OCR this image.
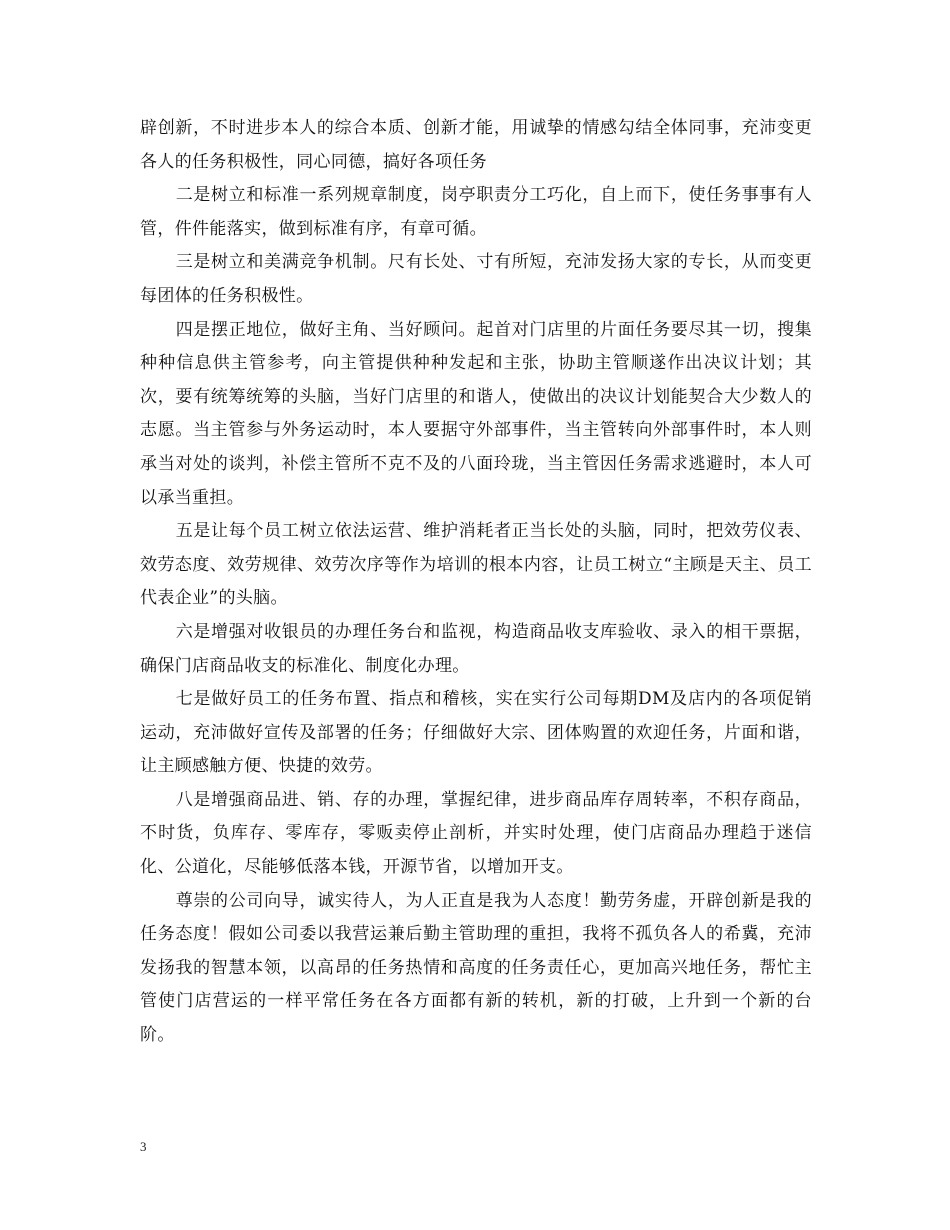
辟创新，不时进步本人的综合本质、创新才能，用诚挚的情感勾结全体同事，充沛变更各人的任务积极性，同心同德，搞好各项任务

二是树立和标准一系列规章制度，岗亭职责分工巧化，自上而下，使任务事事有人管，件件能落实，做到标准有序，有章可循。

三是树立和美满竞争机制。尺有长处、寸有所短，充沛发扬大家的专长，从而变更每团体的任务积极性。

四是摆正地位，做好主角、当好顾问。起首对门店里的片面任务要尽其一切，搜集种种信息供主管参考，向主管提供种种发起和主张，协助主管顺遂作出决议计划；其次，要有统筹统筹的头脑，当好门店里的和谐人，使做出的决议计划能契合大少数人的志愿。当主管参与外务运动时，本人要据守外部事件，当主管转向外部事件时，本人则承当对处的谈判，补偿主管所不克不及的八面玲珑，当主管因任务需求逃避时，本人可以承当重担。

五是让每个员工树立依法运营、维护消耗者正当长处的头脑，同时，把效劳仪表、效劳态度、效劳规律、效劳次序等作为培训的根本内容，让员工树立“主顾是天主、员工代表企业”的头脑。

六是增强对收银员的办理任务台和监视，构造商品收支库验收、录入的相干票据，确保门店商品收支的标准化、制度化办理。

七是做好员工的任务布置、指点和稽核，实在实行公司每期DM及店内的各项促销运动，充沛做好宣传及部署的任务；仔细做好大宗、团体购置的欢迎任务，片面和谐，让主顾感触方便、快捷的效劳。

八是增强商品进、销、存的办理，掌握纪律，进步商品库存周转率，不积存商品，不时货，负库存、零库存，零贩卖停止剖析，并实时处理，使门店商品办理趋于迷信化、公道化，尽能够低落本钱，开源节省，以增加开支。

尊崇的公司向导，诚实待人，为人正直是我为人态度！勤劳务虚，开辟创新是我的任务态度！假如公司委以我营运兼后勤主管助理的重担，我将不孤负各人的希冀，充沛发扬我的智慧本领，以高昂的任务热情和高度的任务责任心，更加高兴地任务，帮忙主管使门店营运的一样平常任务在各方面都有新的转机，新的打破，上升到一个新的台阶。

3
